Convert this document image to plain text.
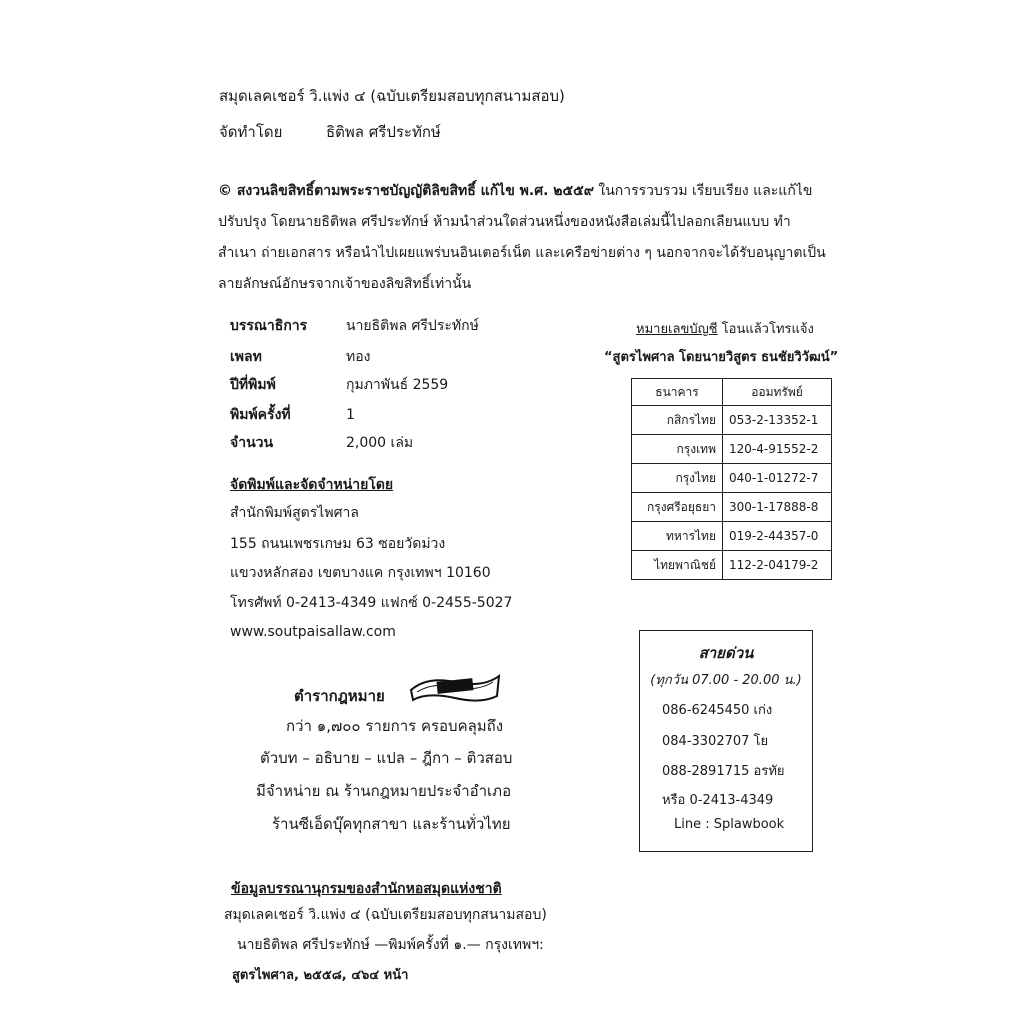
สมุดเลคเชอร์ วิ.แพ่ง ๔ (ฉบับเตรียมสอบทุกสนามสอบ)
จัดทำโดย	ธิติพล ศรีประทักษ์
© สงวนลิขสิทธิ์ตามพระราชบัญญัติลิขสิทธิ์ แก้ไข พ.ศ. ๒๕๕๙ ในการรวบรวม เรียบเรียง และแก้ไข ปรับปรุง โดยนายธิติพล ศรีประทักษ์ ห้ามนำส่วนใดส่วนหนึ่งของหนังสือเล่มนี้ไปลอกเลียนแบบ ทำสำเนา ถ่ายเอกสาร หรือนำไปเผยแพร่บนอินเตอร์เน็ต และเครือข่ายต่าง ๆ นอกจากจะได้รับอนุญาตเป็นลายลักษณ์อักษรจากเจ้าของลิขสิทธิ์เท่านั้น
บรรณาธิการ	นายธิติพล ศรีประทักษ์
เพลท	ทอง
ปีที่พิมพ์	กุมภาพันธ์ 2559
พิมพ์ครั้งที่	1
จำนวน	2,000 เล่ม
จัดพิมพ์และจัดจำหน่ายโดย
สำนักพิมพ์สูตรไพศาล
155 ถนนเพชรเกษม 63 ซอยวัดม่วง
แขวงหลักสอง เขตบางแค กรุงเทพฯ 10160
โทรศัพท์ 0-2413-4349 แฟกซ์ 0-2455-5027
www.soutpaisallaw.com
หมายเลขบัญชี โอนแล้วโทรแจ้ง
“สูตรไพศาล โดยนายวิสูตร ธนชัยวิวัฒน์”
ธนาคาร	ออมทรัพย์
กสิกรไทย	053-2-13352-1
กรุงเทพ	120-4-91552-2
กรุงไทย	040-1-01272-7
กรุงศรีอยุธยา	300-1-17888-8
ทหารไทย	019-2-44357-0
ไทยพาณิชย์	112-2-04179-2
สายด่วน
(ทุกวัน 07.00 - 20.00 น.)
086-6245450 เก่ง
084-3302707 โย
088-2891715 อรทัย
หรือ 0-2413-4349
Line : Splawbook
ตำรากฎหมาย
กว่า ๑,๗๐๐ รายการ ครอบคลุมถึง
ตัวบท – อธิบาย – แปล – ฎีกา – ติวสอบ
มีจำหน่าย ณ ร้านกฎหมายประจำอำเภอ
ร้านซีเอ็ดบุ๊คทุกสาขา และร้านทั่วไทย
ข้อมูลบรรณานุกรมของสำนักหอสมุดแห่งชาติ
สมุดเลคเชอร์ วิ.แพ่ง ๔ (ฉบับเตรียมสอบทุกสนามสอบ)
นายธิติพล ศรีประทักษ์ —พิมพ์ครั้งที่ ๑.— กรุงเทพฯ:
สูตรไพศาล, ๒๕๕๘, ๔๖๔ หน้า
